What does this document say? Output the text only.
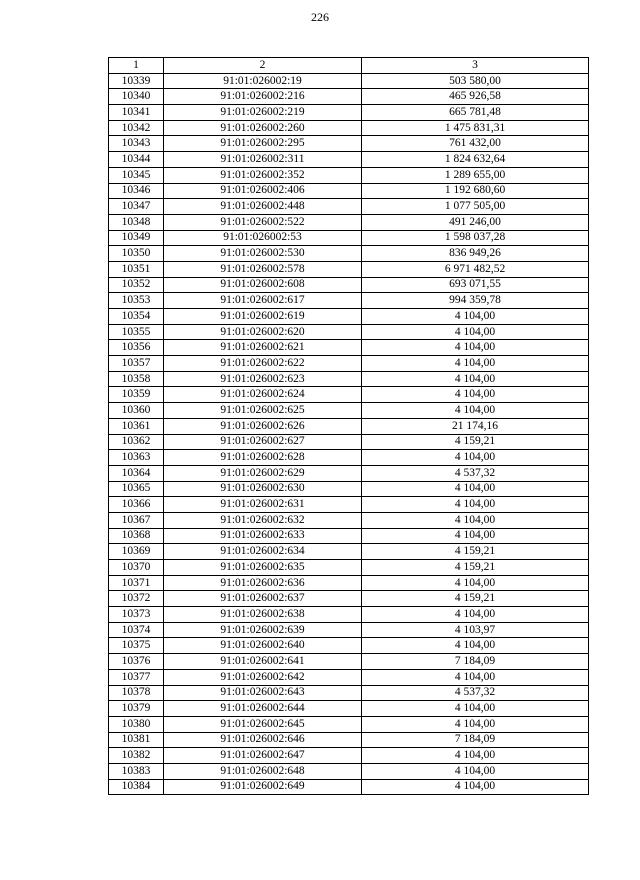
226
1	2	3
10339	91:01:026002:19	503 580,00
10340	91:01:026002:216	465 926,58
10341	91:01:026002:219	665 781,48
10342	91:01:026002:260	1 475 831,31
10343	91:01:026002:295	761 432,00
10344	91:01:026002:311	1 824 632,64
10345	91:01:026002:352	1 289 655,00
10346	91:01:026002:406	1 192 680,60
10347	91:01:026002:448	1 077 505,00
10348	91:01:026002:522	491 246,00
10349	91:01:026002:53	1 598 037,28
10350	91:01:026002:530	836 949,26
10351	91:01:026002:578	6 971 482,52
10352	91:01:026002:608	693 071,55
10353	91:01:026002:617	994 359,78
10354	91:01:026002:619	4 104,00
10355	91:01:026002:620	4 104,00
10356	91:01:026002:621	4 104,00
10357	91:01:026002:622	4 104,00
10358	91:01:026002:623	4 104,00
10359	91:01:026002:624	4 104,00
10360	91:01:026002:625	4 104,00
10361	91:01:026002:626	21 174,16
10362	91:01:026002:627	4 159,21
10363	91:01:026002:628	4 104,00
10364	91:01:026002:629	4 537,32
10365	91:01:026002:630	4 104,00
10366	91:01:026002:631	4 104,00
10367	91:01:026002:632	4 104,00
10368	91:01:026002:633	4 104,00
10369	91:01:026002:634	4 159,21
10370	91:01:026002:635	4 159,21
10371	91:01:026002:636	4 104,00
10372	91:01:026002:637	4 159,21
10373	91:01:026002:638	4 104,00
10374	91:01:026002:639	4 103,97
10375	91:01:026002:640	4 104,00
10376	91:01:026002:641	7 184,09
10377	91:01:026002:642	4 104,00
10378	91:01:026002:643	4 537,32
10379	91:01:026002:644	4 104,00
10380	91:01:026002:645	4 104,00
10381	91:01:026002:646	7 184,09
10382	91:01:026002:647	4 104,00
10383	91:01:026002:648	4 104,00
10384	91:01:026002:649	4 104,00
